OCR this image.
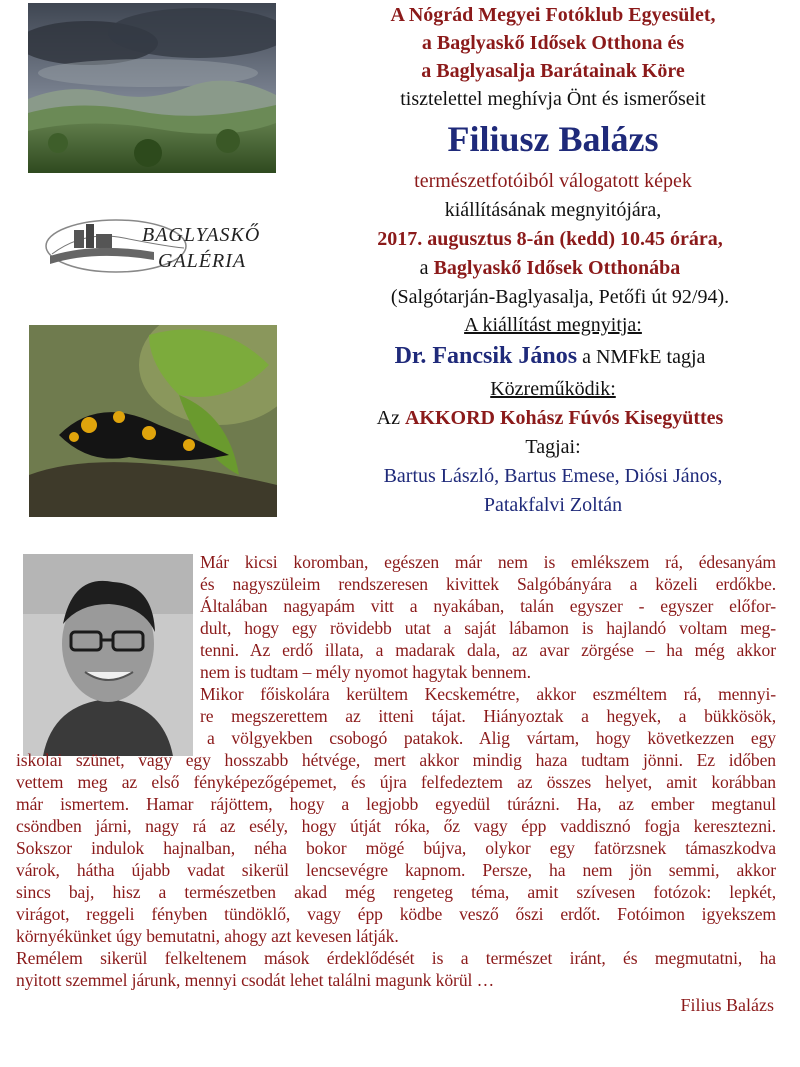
BAGLYASKŐ
GALÉRIA
A Nógrád Megyei Fotóklub Egyesület,
a Baglyaskő Idősek Otthona és
a Baglyasalja Barátainak Köre
tisztelettel meghívja Önt és ismerőseit
Filiusz Balázs
természetfotóiból válogatott képek
kiállításának megnyitójára,
2017. augusztus 8-án (kedd) 10.45 órára,
a Baglyaskő Idősek Otthonába
(Salgótarján-Baglyasalja, Petőfi út 92/94).
A kiállítást megnyitja:
Dr. Fancsik János a NMFkE tagja
Közreműködik:
Az AKKORD Kohász Fúvós Kisegyüttes
Tagjai:
Bartus László, Bartus Emese, Diósi János,
Patakfalvi Zoltán
Már kicsi koromban, egészen már nem is emlékszem rá, édesanyám
és nagyszüleim rendszeresen kivittek Salgóbányára a közeli erdőkbe.
Általában nagyapám vitt a nyakában, talán egyszer - egyszer előfor-
dult, hogy egy rövidebb utat a saját lábamon is hajlandó voltam meg-
tenni. Az erdő illata, a madarak dala, az avar zörgése – ha még akkor
nem is tudtam – mély nyomot hagytak bennem.
Mikor főiskolára kerültem Kecskemétre, akkor eszméltem rá, mennyi-
re megszerettem az itteni tájat. Hiányoztak a hegyek, a bükkösök,
a völgyekben csobogó patakok. Alig vártam, hogy következzen egy
iskolai szünet, vagy egy hosszabb hétvége, mert akkor mindig haza tudtam jönni. Ez időben
vettem meg az első fényképezőgépemet, és újra felfedeztem az összes helyet, amit korábban
már ismertem. Hamar rájöttem, hogy a legjobb egyedül túrázni. Ha, az ember megtanul
csöndben járni, nagy rá az esély, hogy útját róka, őz vagy épp vaddisznó fogja keresztezni.
Sokszor indulok hajnalban, néha bokor mögé bújva, olykor egy fatörzsnek támaszkodva
várok, háthа újabb vadat sikerül lencsevégre kapnom. Persze, ha nem jön semmi, akkor
sincs baj, hisz a természetben akad még rengeteg téma, amit szívesen fotózok: lepkét,
virágot, reggeli fényben tündöklő, vagy épp ködbe vesző őszi erdőt. Fotóimon igyekszem
környékünket úgy bemutatni, ahogy azt kevesen látják.
Remélem sikerül felkeltenem mások érdeklődését is a természet iránt, és megmutatni, ha
nyitott szemmel járunk, mennyi csodát lehet találni magunk körül …
Filius Balázs
